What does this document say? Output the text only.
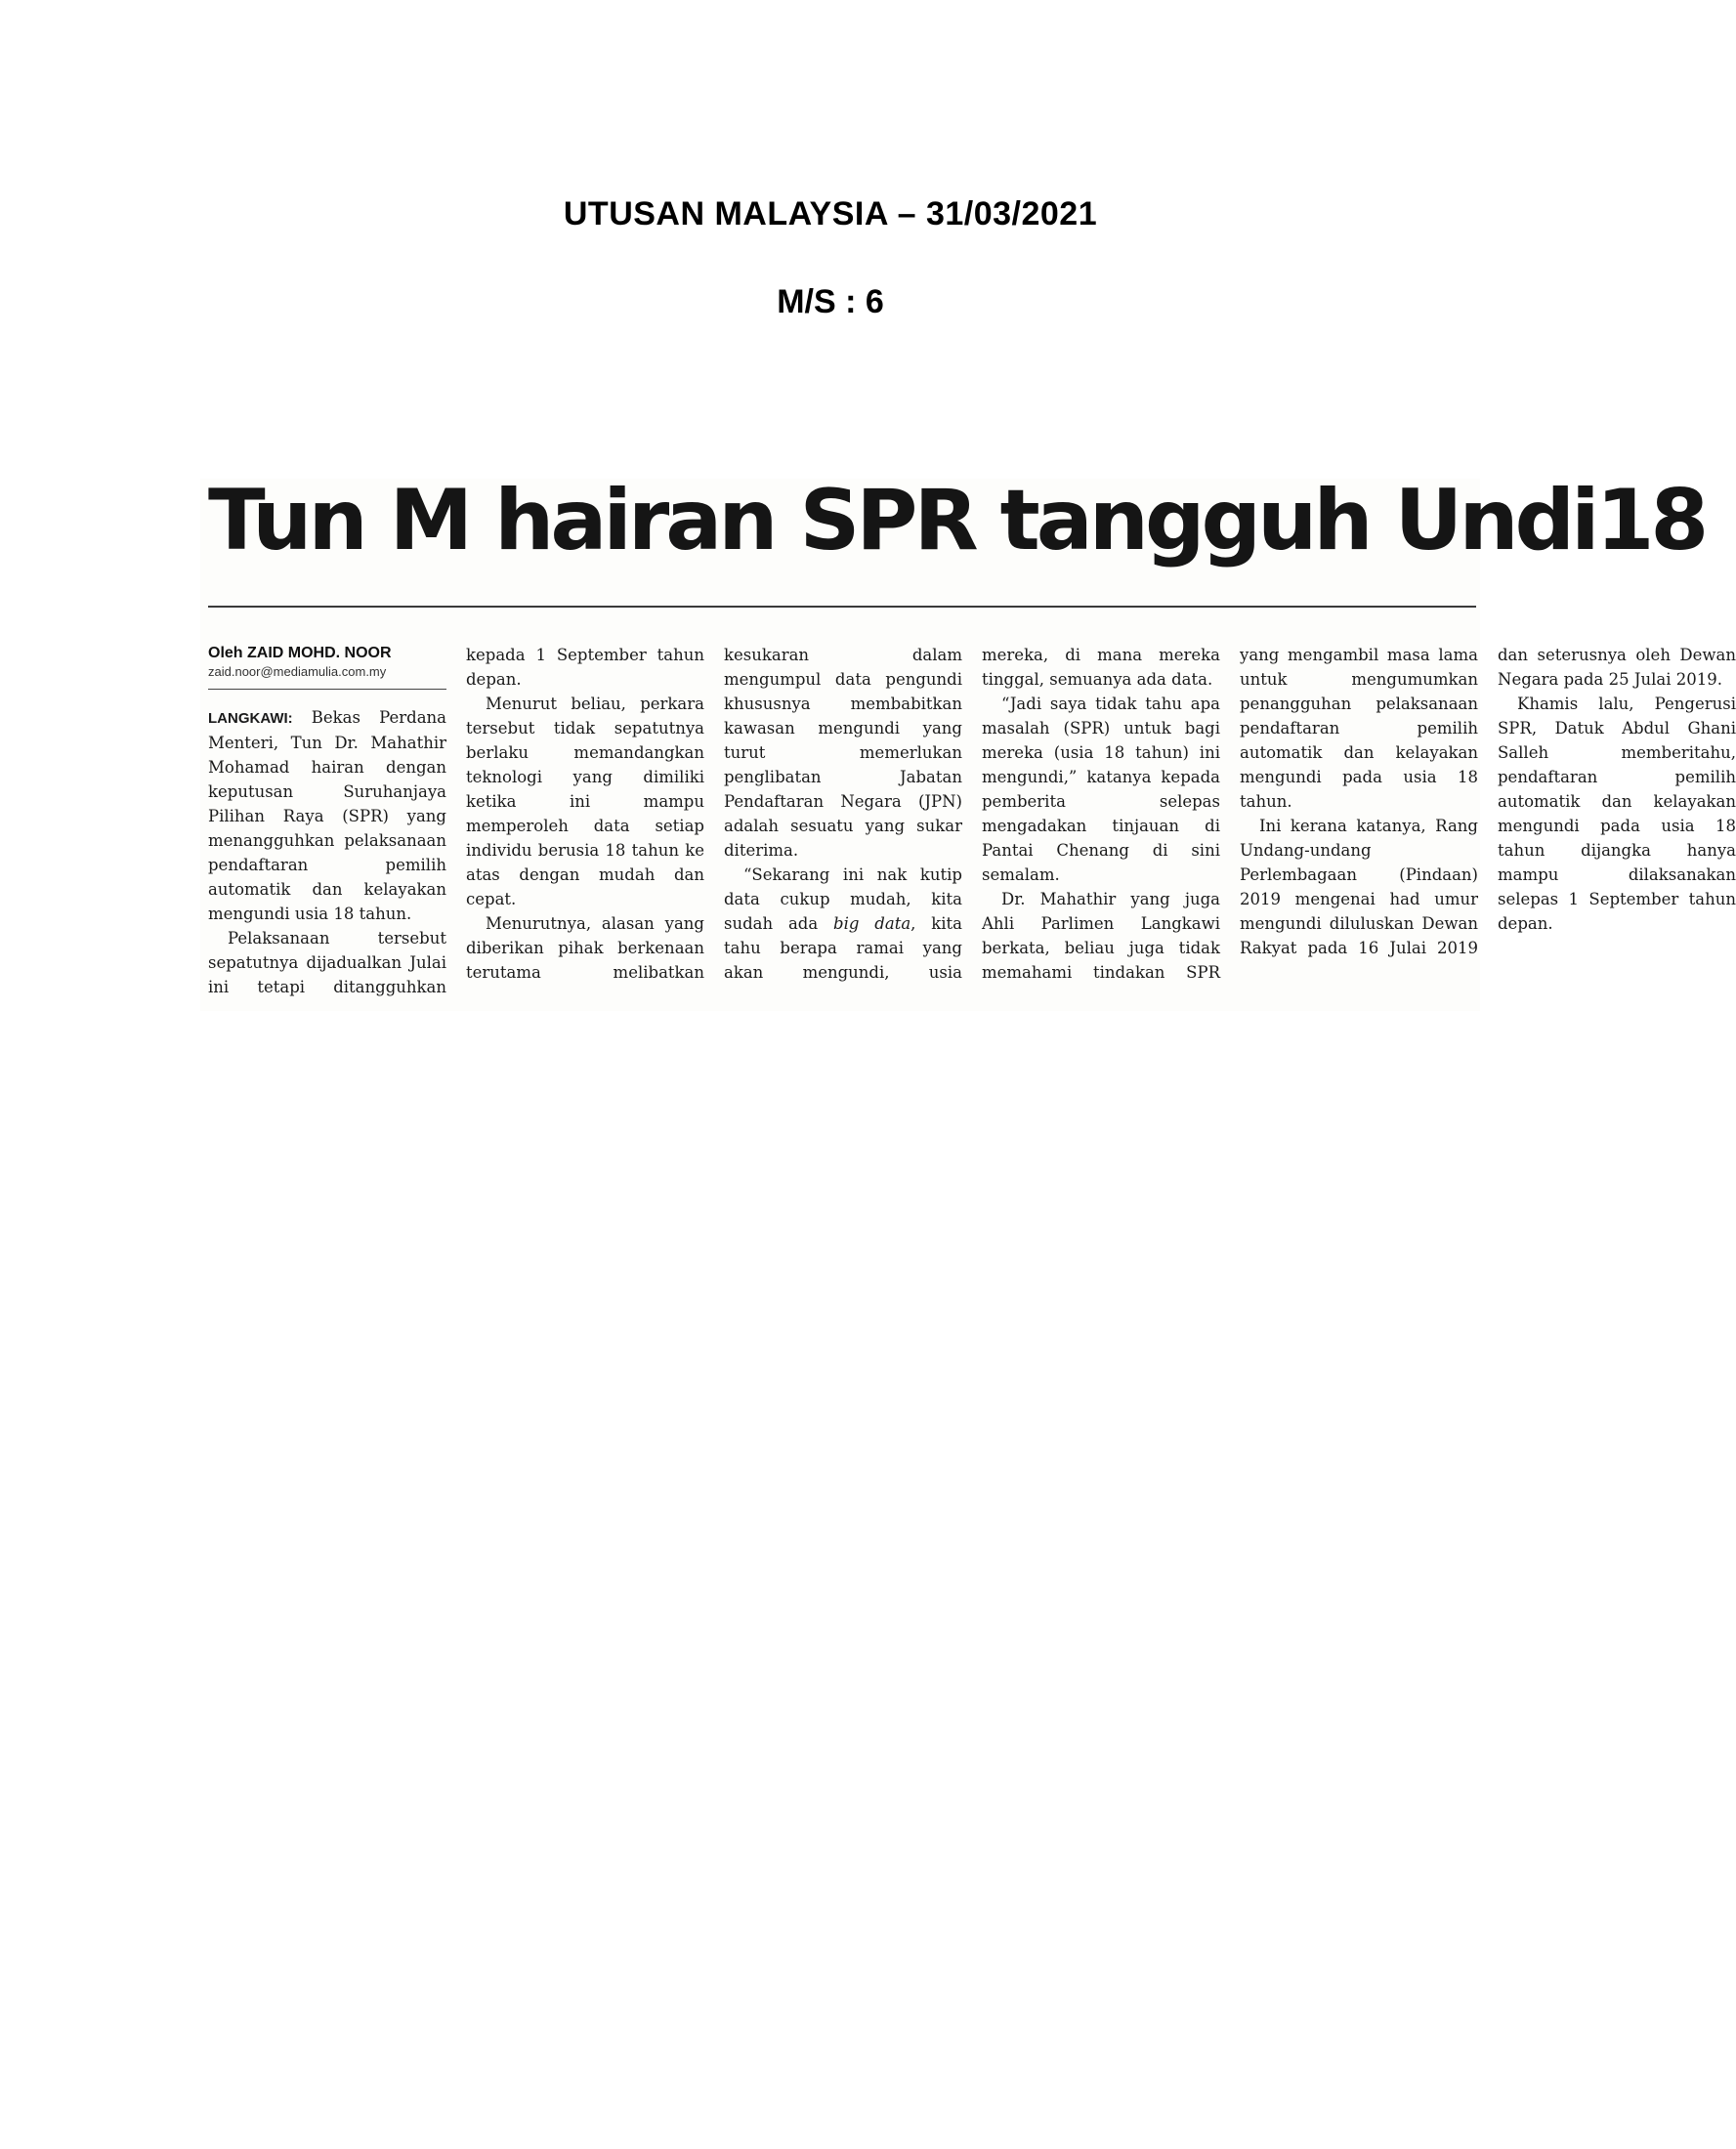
UTUSAN MALAYSIA – 31/03/2021
M/S : 6
Tun M hairan SPR tangguh Undi18
Oleh ZAID MOHD. NOOR
zaid.noor@mediamulia.com.my

LANGKAWI: Bekas Perdana Menteri, Tun Dr. Mahathir Mohamad hairan dengan keputusan Suruhanjaya Pilihan Raya (SPR) yang menangguhkan pelaksanaan pendaftaran pemilih automatik dan kelayakan mengundi usia 18 tahun.

Pelaksanaan tersebut sepatutnya dijadualkan Julai ini tetapi ditangguhkan kepada 1 September tahun depan.

Menurut beliau, perkara tersebut tidak sepatutnya berlaku memandangkan teknologi yang dimiliki ketika ini mampu memperoleh data setiap individu berusia 18 tahun ke atas dengan mudah dan cepat.

Menurutnya, alasan yang diberikan pihak berkenaan terutama melibatkan kesukaran dalam mengumpul data pengundi khususnya membabitkan kawasan mengundi yang turut memerlukan penglibatan Jabatan Pendaftaran Negara (JPN) adalah sesuatu yang sukar diterima.

“Sekarang ini nak kutip data cukup mudah, kita sudah ada big data, kita tahu berapa ramai yang akan mengundi, usia mereka, di mana mereka tinggal, semuanya ada data.

“Jadi saya tidak tahu apa masalah (SPR) untuk bagi mereka (usia 18 tahun) ini mengundi,” katanya kepada pemberita selepas mengadakan tinjauan di Pantai Chenang di sini semalam.

Dr. Mahathir yang juga Ahli Parlimen Langkawi berkata, beliau juga tidak memahami tindakan SPR yang mengambil masa lama untuk mengumumkan penangguhan pelaksanaan pendaftaran pemilih automatik dan kelayakan mengundi pada usia 18 tahun.

Ini kerana katanya, Rang Undang-undang Perlembagaan (Pindaan) 2019 mengenai had umur mengundi diluluskan Dewan Rakyat pada 16 Julai 2019 dan seterusnya oleh Dewan Negara pada 25 Julai 2019.

Khamis lalu, Pengerusi SPR, Datuk Abdul Ghani Salleh memberitahu, pendaftaran pemilih automatik dan kelayakan mengundi pada usia 18 tahun dijangka hanya mampu dilaksanakan selepas 1 September tahun depan.
